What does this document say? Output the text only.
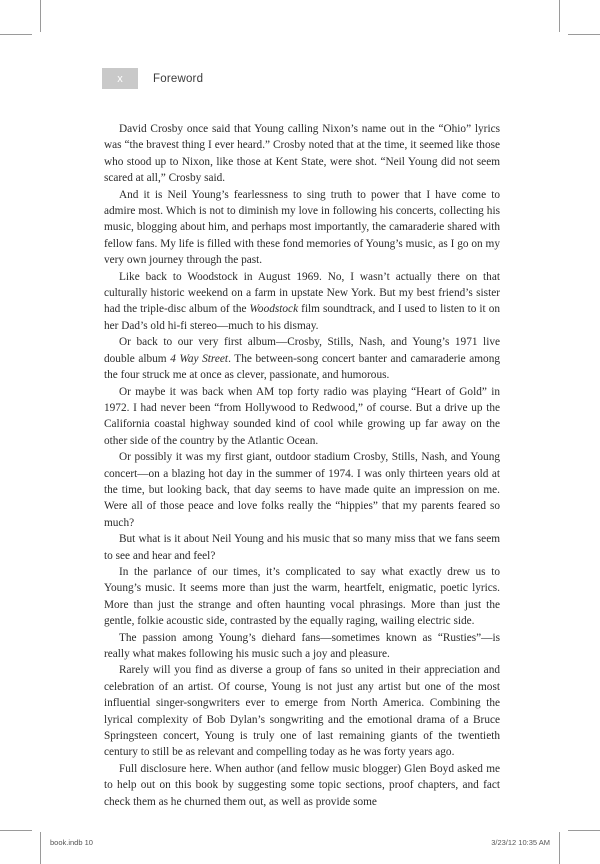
x	Foreword

David Crosby once said that Young calling Nixon’s name out in the “Ohio” lyrics was “the bravest thing I ever heard.” Crosby noted that at the time, it seemed like those who stood up to Nixon, like those at Kent State, were shot. “Neil Young did not seem scared at all,” Crosby said.

And it is Neil Young’s fearlessness to sing truth to power that I have come to admire most. Which is not to diminish my love in following his concerts, collecting his music, blogging about him, and perhaps most importantly, the camaraderie shared with fellow fans. My life is filled with these fond memories of Young’s music, as I go on my very own journey through the past.

Like back to Woodstock in August 1969. No, I wasn’t actually there on that culturally historic weekend on a farm in upstate New York. But my best friend’s sister had the triple-disc album of the Woodstock film soundtrack, and I used to listen to it on her Dad’s old hi-fi stereo—much to his dismay.

Or back to our very first album—Crosby, Stills, Nash, and Young’s 1971 live double album 4 Way Street. The between-song concert banter and camaraderie among the four struck me at once as clever, passionate, and humorous.

Or maybe it was back when AM top forty radio was playing “Heart of Gold” in 1972. I had never been “from Hollywood to Redwood,” of course. But a drive up the California coastal highway sounded kind of cool while growing up far away on the other side of the country by the Atlantic Ocean.

Or possibly it was my first giant, outdoor stadium Crosby, Stills, Nash, and Young concert—on a blazing hot day in the summer of 1974. I was only thirteen years old at the time, but looking back, that day seems to have made quite an impression on me. Were all of those peace and love folks really the “hippies” that my parents feared so much?

But what is it about Neil Young and his music that so many miss that we fans seem to see and hear and feel?

In the parlance of our times, it’s complicated to say what exactly drew us to Young’s music. It seems more than just the warm, heartfelt, enigmatic, poetic lyrics. More than just the strange and often haunting vocal phrasings. More than just the gentle, folkie acoustic side, contrasted by the equally raging, wailing electric side.

The passion among Young’s diehard fans—sometimes known as “Rusties”—is really what makes following his music such a joy and pleasure.

Rarely will you find as diverse a group of fans so united in their appreciation and celebration of an artist. Of course, Young is not just any artist but one of the most influential singer-songwriters ever to emerge from North America. Combining the lyrical complexity of Bob Dylan’s songwriting and the emotional drama of a Bruce Springsteen concert, Young is truly one of last remaining giants of the twentieth century to still be as relevant and compelling today as he was forty years ago.

Full disclosure here. When author (and fellow music blogger) Glen Boyd asked me to help out on this book by suggesting some topic sections, proof chapters, and fact check them as he churned them out, as well as provide some

book.indb 10	3/23/12 10:35 AM
